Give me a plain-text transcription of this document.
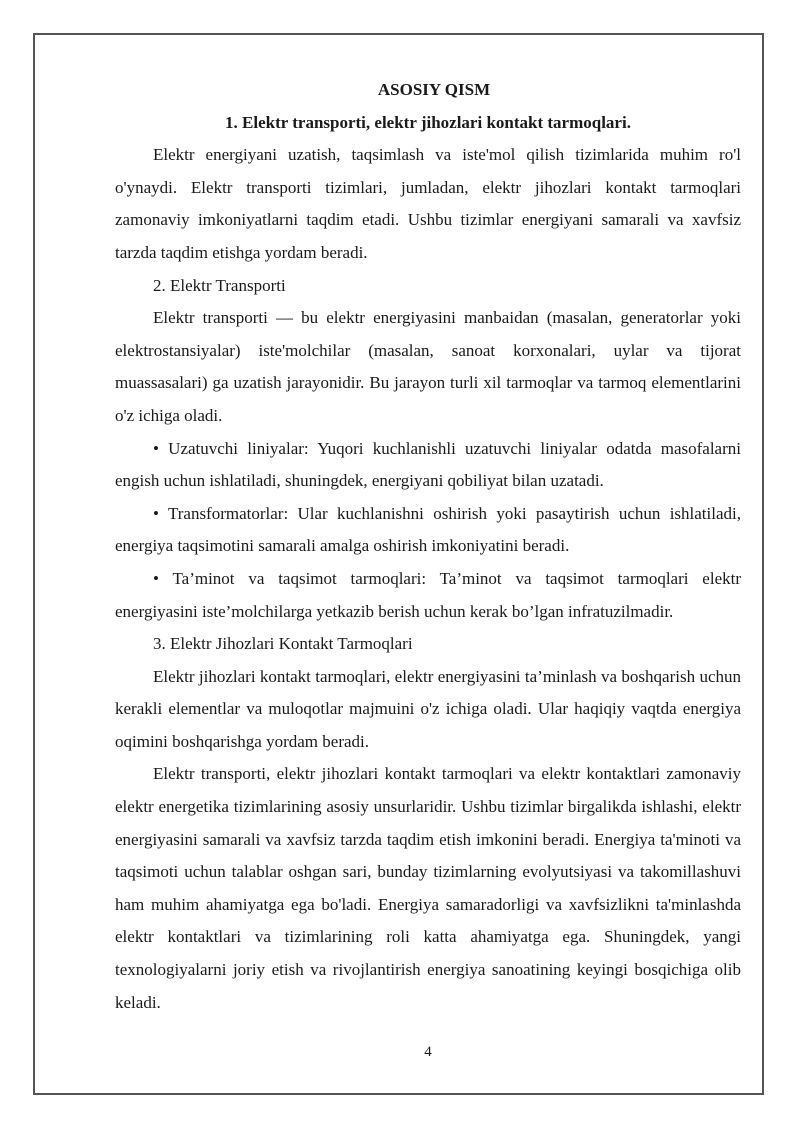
ASOSIY QISM

1. Elektr transporti, elektr jihozlari kontakt tarmoqlari.

Elektr energiyani uzatish, taqsimlash va iste'mol qilish tizimlarida muhim ro'l o'ynaydi. Elektr transporti tizimlari, jumladan, elektr jihozlari kontakt tarmoqlari zamonaviy imkoniyatlarni taqdim etadi. Ushbu tizimlar energiyani samarali va xavfsiz tarzda taqdim etishga yordam beradi.

2. Elektr Transporti

Elektr transporti — bu elektr energiyasini manbaidan (masalan, generatorlar yoki elektrostansiyalar) iste'molchilar (masalan, sanoat korxonalari, uylar va tijorat muassasalari) ga uzatish jarayonidir. Bu jarayon turli xil tarmoqlar va tarmoq elementlarini o'z ichiga oladi.

• Uzatuvchi liniyalar: Yuqori kuchlanishli uzatuvchi liniyalar odatda masofalarni engish uchun ishlatiladi, shuningdek, energiyani qobiliyat bilan uzatadi.

• Transformatorlar: Ular kuchlanishni oshirish yoki pasaytirish uchun ishlatiladi, energiya taqsimotini samarali amalga oshirish imkoniyatini beradi.

• Ta’minot va taqsimot tarmoqlari: Ta’minot va taqsimot tarmoqlari elektr energiyasini iste’molchilarga yetkazib berish uchun kerak bo’lgan infratuzilmadir.

3. Elektr Jihozlari Kontakt Tarmoqlari

Elektr jihozlari kontakt tarmoqlari, elektr energiyasini ta’minlash va boshqarish uchun kerakli elementlar va muloqotlar majmuini o'z ichiga oladi. Ular haqiqiy vaqtda energiya oqimini boshqarishga yordam beradi.

Elektr transporti, elektr jihozlari kontakt tarmoqlari va elektr kontaktlari zamonaviy elektr energetika tizimlarining asosiy unsurlaridir. Ushbu tizimlar birgalikda ishlashi, elektr energiyasini samarali va xavfsiz tarzda taqdim etish imkonini beradi. Energiya ta'minoti va taqsimoti uchun talablar oshgan sari, bunday tizimlarning evolyutsiyasi va takomillashuvi ham muhim ahamiyatga ega bo'ladi. Energiya samaradorligi va xavfsizlikni ta'minlashda elektr kontaktlari va tizimlarining roli katta ahamiyatga ega. Shuningdek, yangi texnologiyalarni joriy etish va rivojlantirish energiya sanoatining keyingi bosqichiga olib keladi.

4
